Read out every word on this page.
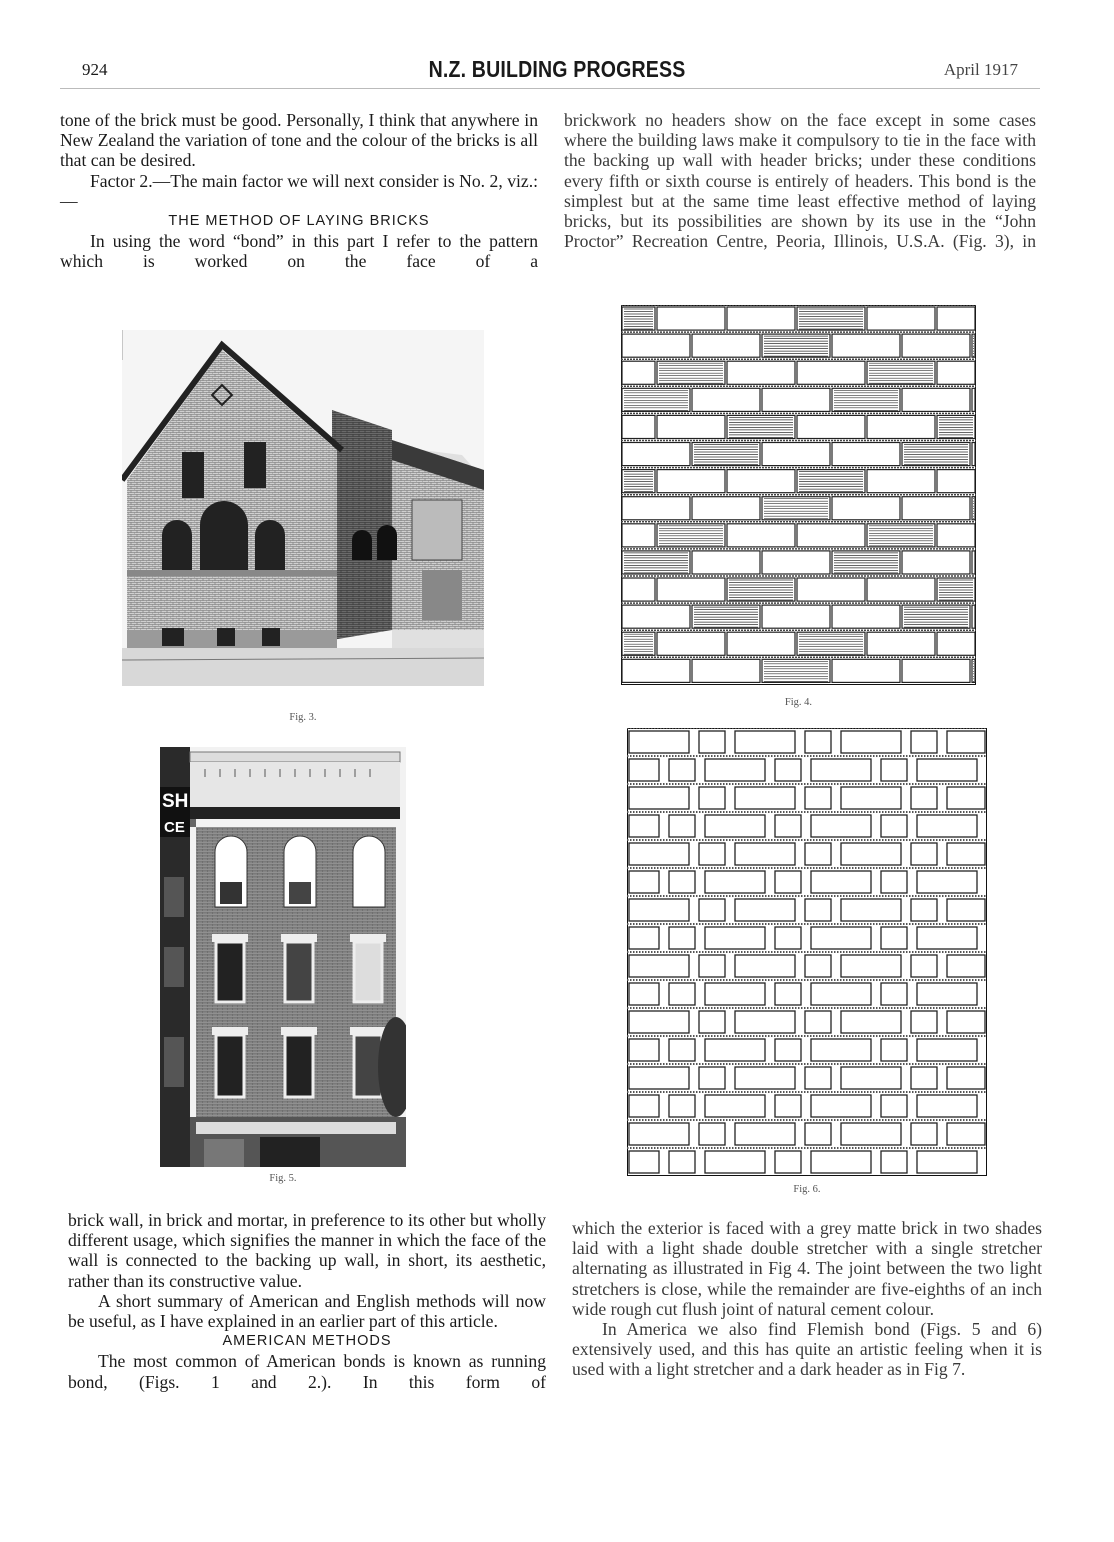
924	N.Z. BUILDING PROGRESS	April 1917

tone of the brick must be good. Personally, I think that anywhere in New Zealand the variation of tone and the colour of the bricks is all that can be desired.

Factor 2.—The main factor we will next consider is No. 2, viz.:—

THE METHOD OF LAYING BRICKS

In using the word “bond” in this part I refer to the pattern which is worked on the face of a

brickwork no headers show on the face except in some cases where the building laws make it compulsory to tie in the face with the backing up wall with header bricks; under these conditions every fifth or sixth course is entirely of headers. This bond is the simplest but at the same time least effective method of laying bricks, but its possibilities are shown by its use in the “John Proctor” Recreation Centre, Peoria, Illinois, U.S.A. (Fig. 3), in

Fig. 3.
Fig. 4.
SH
CE
Fig. 5.
Fig. 6.

brick wall, in brick and mortar, in preference to its other but wholly different usage, which signifies the manner in which the face of the wall is connected to the backing up wall, in short, its aesthetic, rather than its constructive value.

A short summary of American and English methods will now be useful, as I have explained in an earlier part of this article.

AMERICAN METHODS

The most common of American bonds is known as running bond, (Figs. 1 and 2.). In this form of

which the exterior is faced with a grey matte brick in two shades laid with a light shade double stretcher with a single stretcher alternating as illustrated in Fig 4. The joint between the two light stretchers is close, while the remainder are five-eighths of an inch wide rough cut flush joint of natural cement colour.

In America we also find Flemish bond (Figs. 5 and 6) extensively used, and this has quite an artistic feeling when it is used with a light stretcher and a dark header as in Fig 7.
